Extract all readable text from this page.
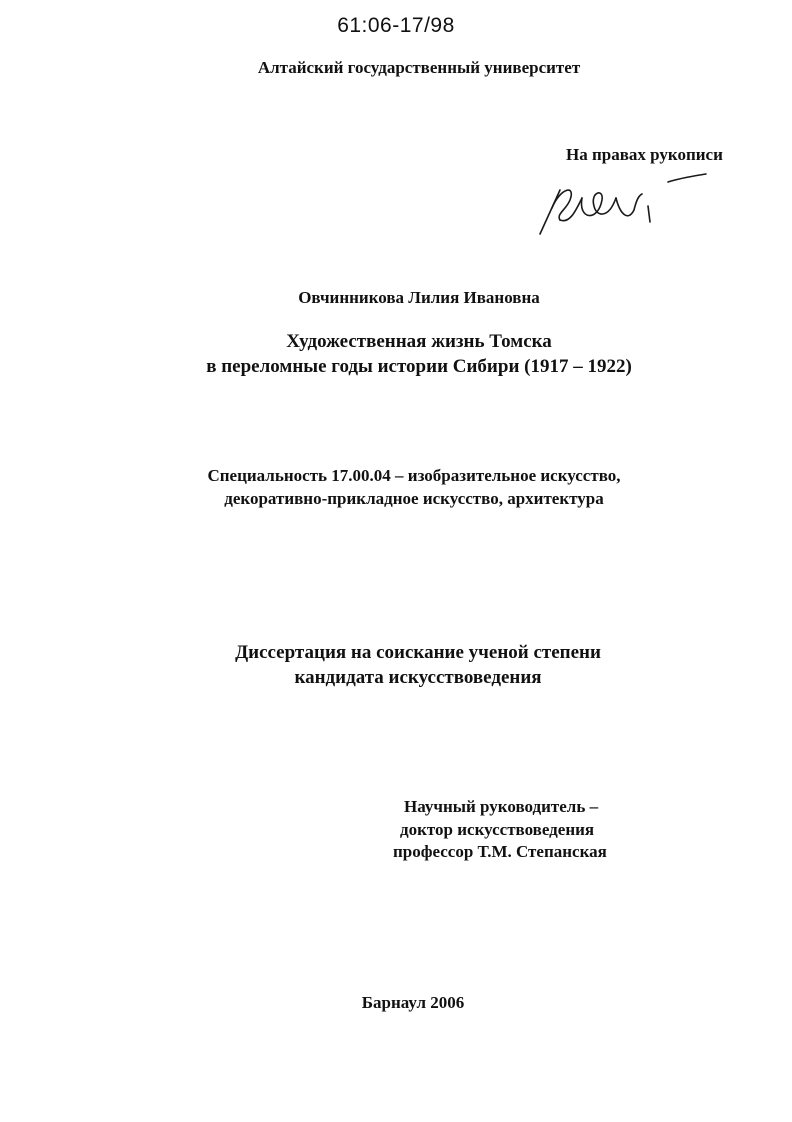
61:06-17/98
Алтайский государственный университет
На правах рукописи
Овчинникова Лилия Ивановна
Художественная жизнь Томска
в переломные годы истории Сибири (1917 – 1922)
Специальность 17.00.04 – изобразительное искусство,
декоративно-прикладное искусство, архитектура
Диссертация на соискание ученой степени
кандидата искусствоведения
Научный руководитель –
доктор искусствоведения
профессор Т.М. Степанская
Барнаул 2006
